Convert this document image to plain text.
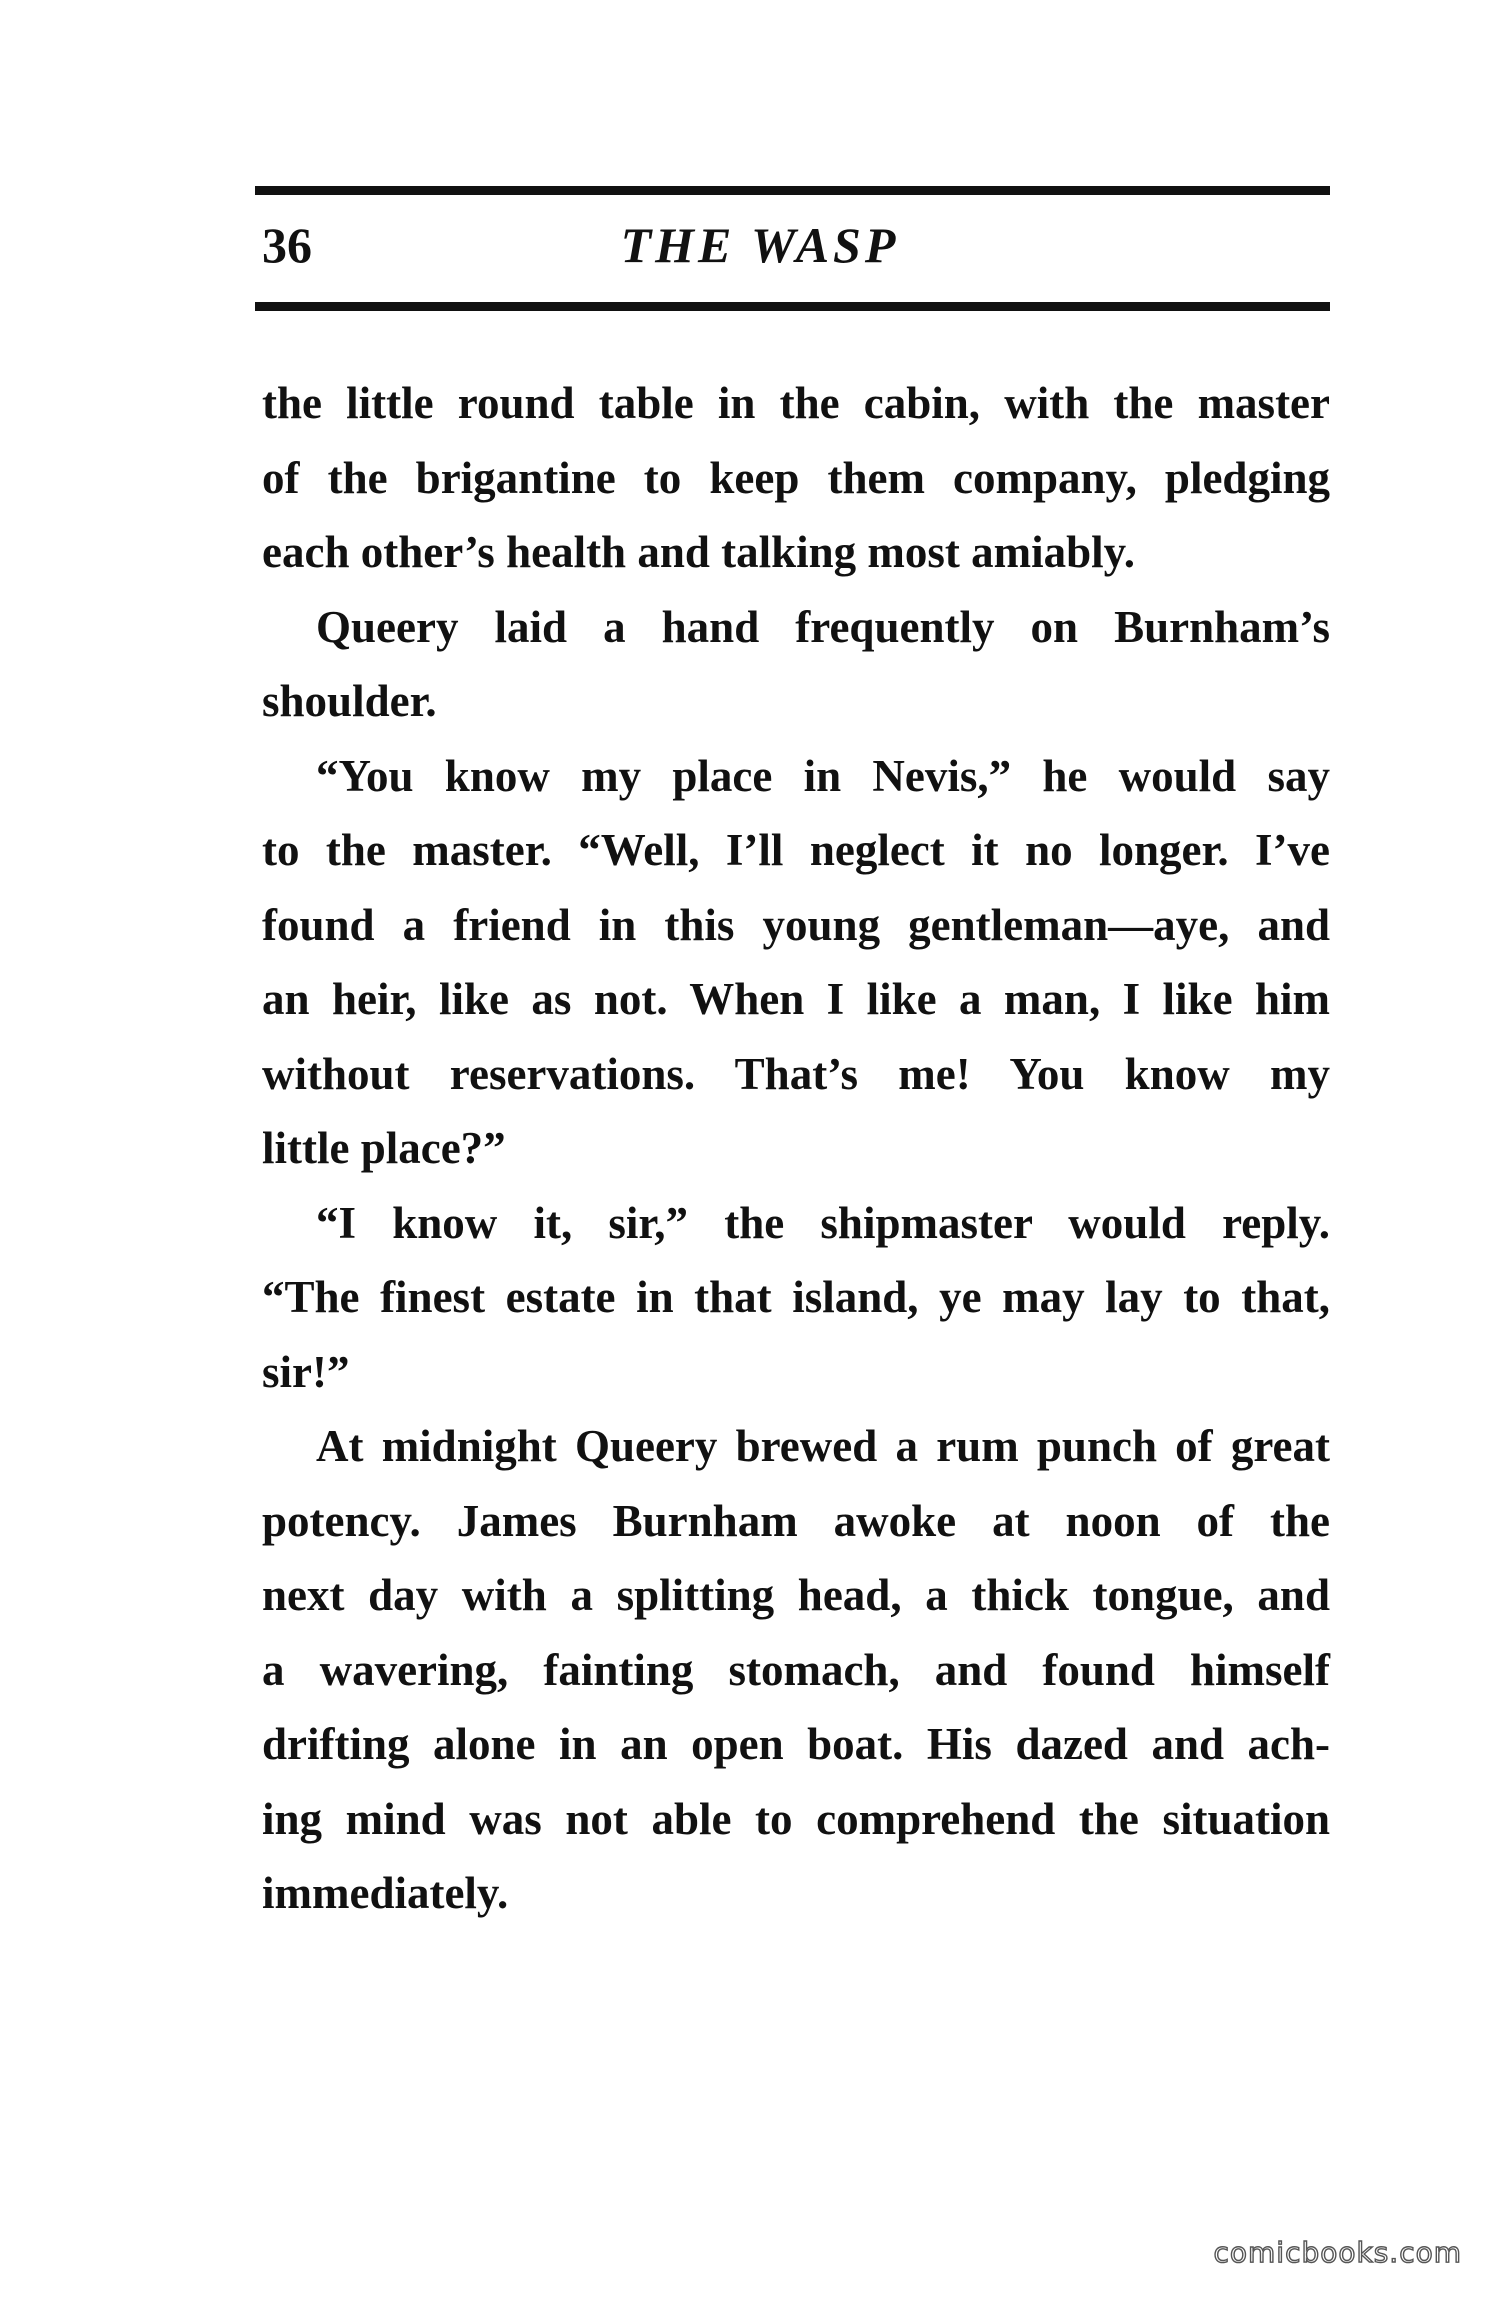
36	THE WASP

the little round table in the cabin, with the master
of the brigantine to keep them company, pledging
each other’s health and talking most amiably.

Queery laid a hand frequently on Burnham’s
shoulder.

“You know my place in Nevis,” he would say
to the master. “Well, I’ll neglect it no longer. I’ve
found a friend in this young gentleman—aye, and
an heir, like as not. When I like a man, I like him
without reservations. That’s me! You know my
little place?”

“I know it, sir,” the shipmaster would reply.
“The finest estate in that island, ye may lay to that,
sir!”

At midnight Queery brewed a rum punch of great
potency. James Burnham awoke at noon of the
next day with a splitting head, a thick tongue, and
a wavering, fainting stomach, and found himself
drifting alone in an open boat. His dazed and ach-
ing mind was not able to comprehend the situation
immediately.

comicbooks.com
